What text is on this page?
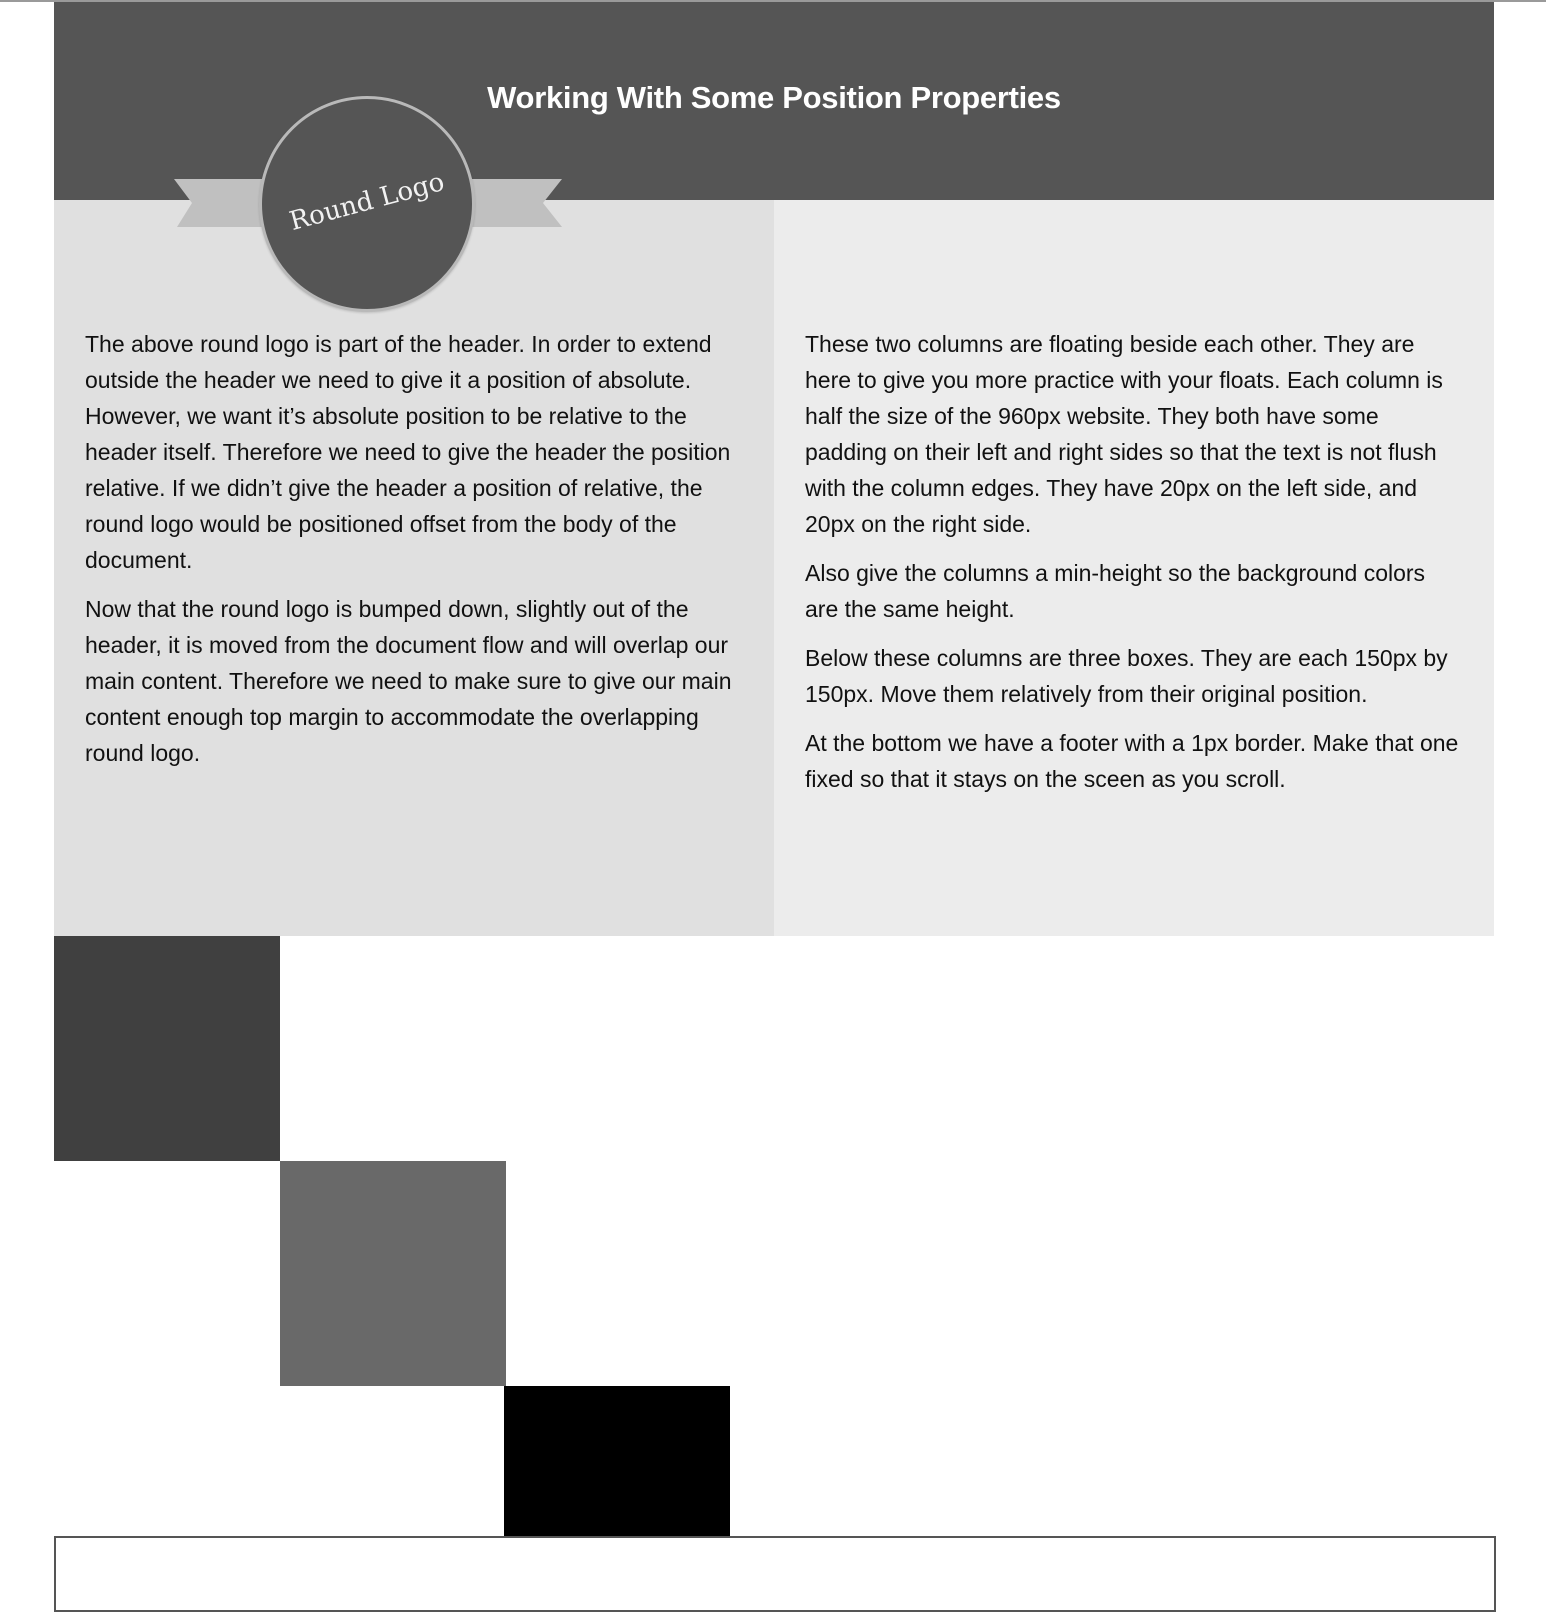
Working With Some Position Properties
Round Logo

The above round logo is part of the header. In order to extend outside the header we need to give it a position of absolute. However, we want it’s absolute position to be relative to the header itself. Therefore we need to give the header the position relative. If we didn’t give the header a position of relative, the round logo would be positioned offset from the body of the document.

Now that the round logo is bumped down, slightly out of the header, it is moved from the document flow and will overlap our main content. Therefore we need to make sure to give our main content enough top margin to accommodate the overlapping round logo.

These two columns are floating beside each other. They are here to give you more practice with your floats. Each column is half the size of the 960px website. They both have some padding on their left and right sides so that the text is not flush with the column edges. They have 20px on the left side, and 20px on the right side.

Also give the columns a min-height so the background colors are the same height.

Below these columns are three boxes. They are each 150px by 150px. Move them relatively from their original position.

At the bottom we have a footer with a 1px border. Make that one fixed so that it stays on the sceen as you scroll.
